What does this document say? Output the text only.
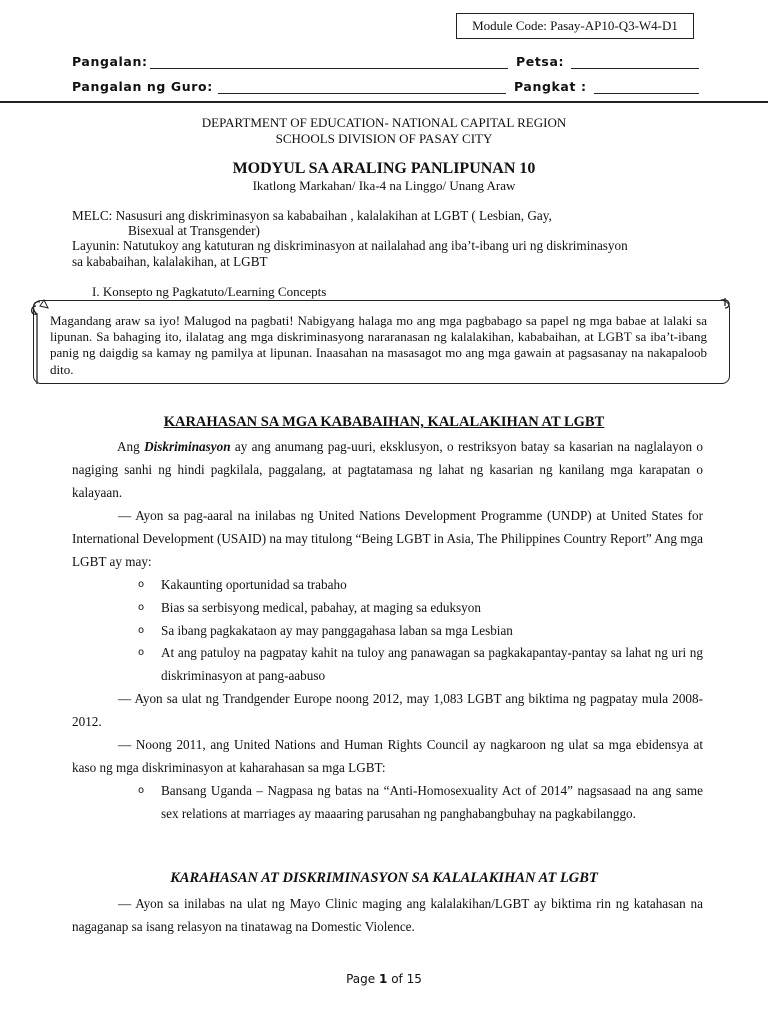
Module Code: Pasay-AP10-Q3-W4-D1
Pangalan:	Petsa:
Pangalan ng Guro:	Pangkat :
DEPARTMENT OF EDUCATION- NATIONAL CAPITAL REGION
SCHOOLS DIVISION OF PASAY CITY
MODYUL SA ARALING PANLIPUNAN 10
Ikatlong Markahan/ Ika-4 na Linggo/ Unang Araw
MELC: Nasusuri ang diskriminasyon sa kababaihan , kalalakihan at LGBT ( Lesbian, Gay,
Bisexual at Transgender)
Layunin: Natutukoy ang katuturan ng diskriminasyon at nailalahad ang iba’t-ibang uri ng diskriminasyon
sa kababaihan, kalalakihan, at LGBT
I. Konsepto ng Pagkatuto/Learning Concepts
Magandang araw sa iyo! Malugod na pagbati! Nabigyang halaga mo ang mga pagbabago sa papel ng mga babae at lalaki sa lipunan. Sa bahaging ito, ilalatag ang mga diskriminasyong nararanasan ng kalalakihan, kababaihan, at LGBT sa iba’t-ibang panig ng daigdig sa kamay ng pamilya at lipunan. Inaasahan na masasagot mo ang mga gawain at pagsasanay na nakapaloob dito.
KARAHASAN SA MGA KABABAIHAN, KALALAKIHAN AT LGBT
Ang Diskriminasyon ay ang anumang pag-uuri, eksklusyon, o restriksyon batay sa kasarian na naglalayon o nagiging sanhi ng hindi pagkilala, paggalang, at pagtatamasa ng lahat ng kasarian ng kanilang mga karapatan o kalayaan.
— Ayon sa pag-aaral na inilabas ng United Nations Development Programme (UNDP) at United States for International Development (USAID) na may titulong “Being LGBT in Asia, The Philippines Country Report” Ang mga LGBT ay may:
o	Kakaunting oportunidad sa trabaho
o	Bias sa serbisyong medical, pabahay, at maging sa eduksyon
o	Sa ibang pagkakataon ay may panggagahasa laban sa mga Lesbian
o	At ang patuloy na pagpatay kahit na tuloy ang panawagan sa pagkakapantay-pantay sa lahat ng uri ng diskriminasyon at pang-aabuso
— Ayon sa ulat ng Trandgender Europe noong 2012, may 1,083 LGBT ang biktima ng pagpatay mula 2008-2012.
— Noong 2011, ang United Nations and Human Rights Council ay nagkaroon ng ulat sa mga ebidensya at kaso ng mga diskriminasyon at kaharahasan sa mga LGBT:
o	Bansang Uganda – Nagpasa ng batas na “Anti-Homosexuality Act of 2014” nagsasaad na ang same sex relations at marriages ay maaaring parusahan ng panghabangbuhay na pagkabilanggo.
KARAHASAN AT DISKRIMINASYON SA KALALAKIHAN AT LGBT
— Ayon sa inilabas na ulat ng Mayo Clinic maging ang kalalakihan/LGBT ay biktima rin ng katahasan na nagaganap sa isang relasyon na tinatawag na Domestic Violence.
Page 1 of 15
